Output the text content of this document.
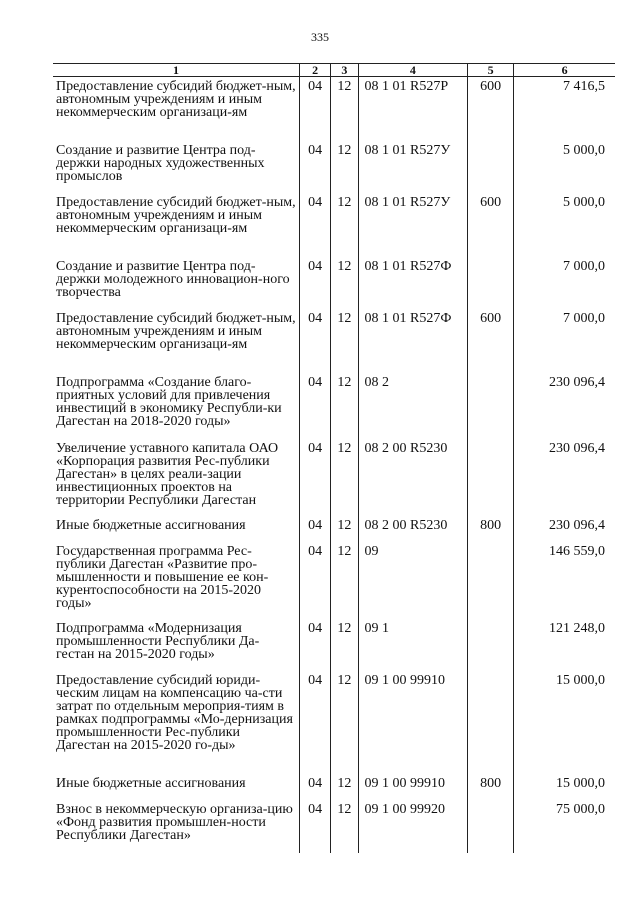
335
1	2	3	4	5	6
Предоставление субсидий бюджет-ным, автономным учреждениям и иным некоммерческим организаци-ям	04	12	08 1 01 R527Р	600	7 416,5
Создание и развитие Центра под-держки народных художественных промыслов	04	12	08 1 01 R527У		5 000,0
Предоставление субсидий бюджет-ным, автономным учреждениям и иным некоммерческим организаци-ям	04	12	08 1 01 R527У	600	5 000,0
Создание и развитие Центра под-держки молодежного инновацион-ного творчества	04	12	08 1 01 R527Ф		7 000,0
Предоставление субсидий бюджет-ным, автономным учреждениям и иным некоммерческим организаци-ям	04	12	08 1 01 R527Ф	600	7 000,0
Подпрограмма «Создание благо-приятных условий для привлечения инвестиций в экономику Республи-ки Дагестан на 2018-2020 годы»	04	12	08 2		230 096,4
Увеличение уставного капитала ОАО «Корпорация развития Рес-публики Дагестан» в целях реали-зации инвестиционных проектов на территории Республики Дагестан	04	12	08 2 00 R5230		230 096,4
Иные бюджетные ассигнования	04	12	08 2 00 R5230	800	230 096,4
Государственная программа Рес-публики Дагестан «Развитие про-мышленности и повышение ее кон-курентоспособности на 2015-2020 годы»	04	12	09		146 559,0
Подпрограмма «Модернизация промышленности Республики Да-гестан на 2015-2020 годы»	04	12	09 1		121 248,0
Предоставление субсидий юриди-ческим лицам на компенсацию ча-сти затрат по отдельным мероприя-тиям в рамках подпрограммы «Мо-дернизация промышленности Рес-публики Дагестан на 2015-2020 го-ды»	04	12	09 1 00 99910		15 000,0
Иные бюджетные ассигнования	04	12	09 1 00 99910	800	15 000,0
Взнос в некоммерческую организа-цию «Фонд развития промышлен-ности Республики Дагестан»	04	12	09 1 00 99920		75 000,0
